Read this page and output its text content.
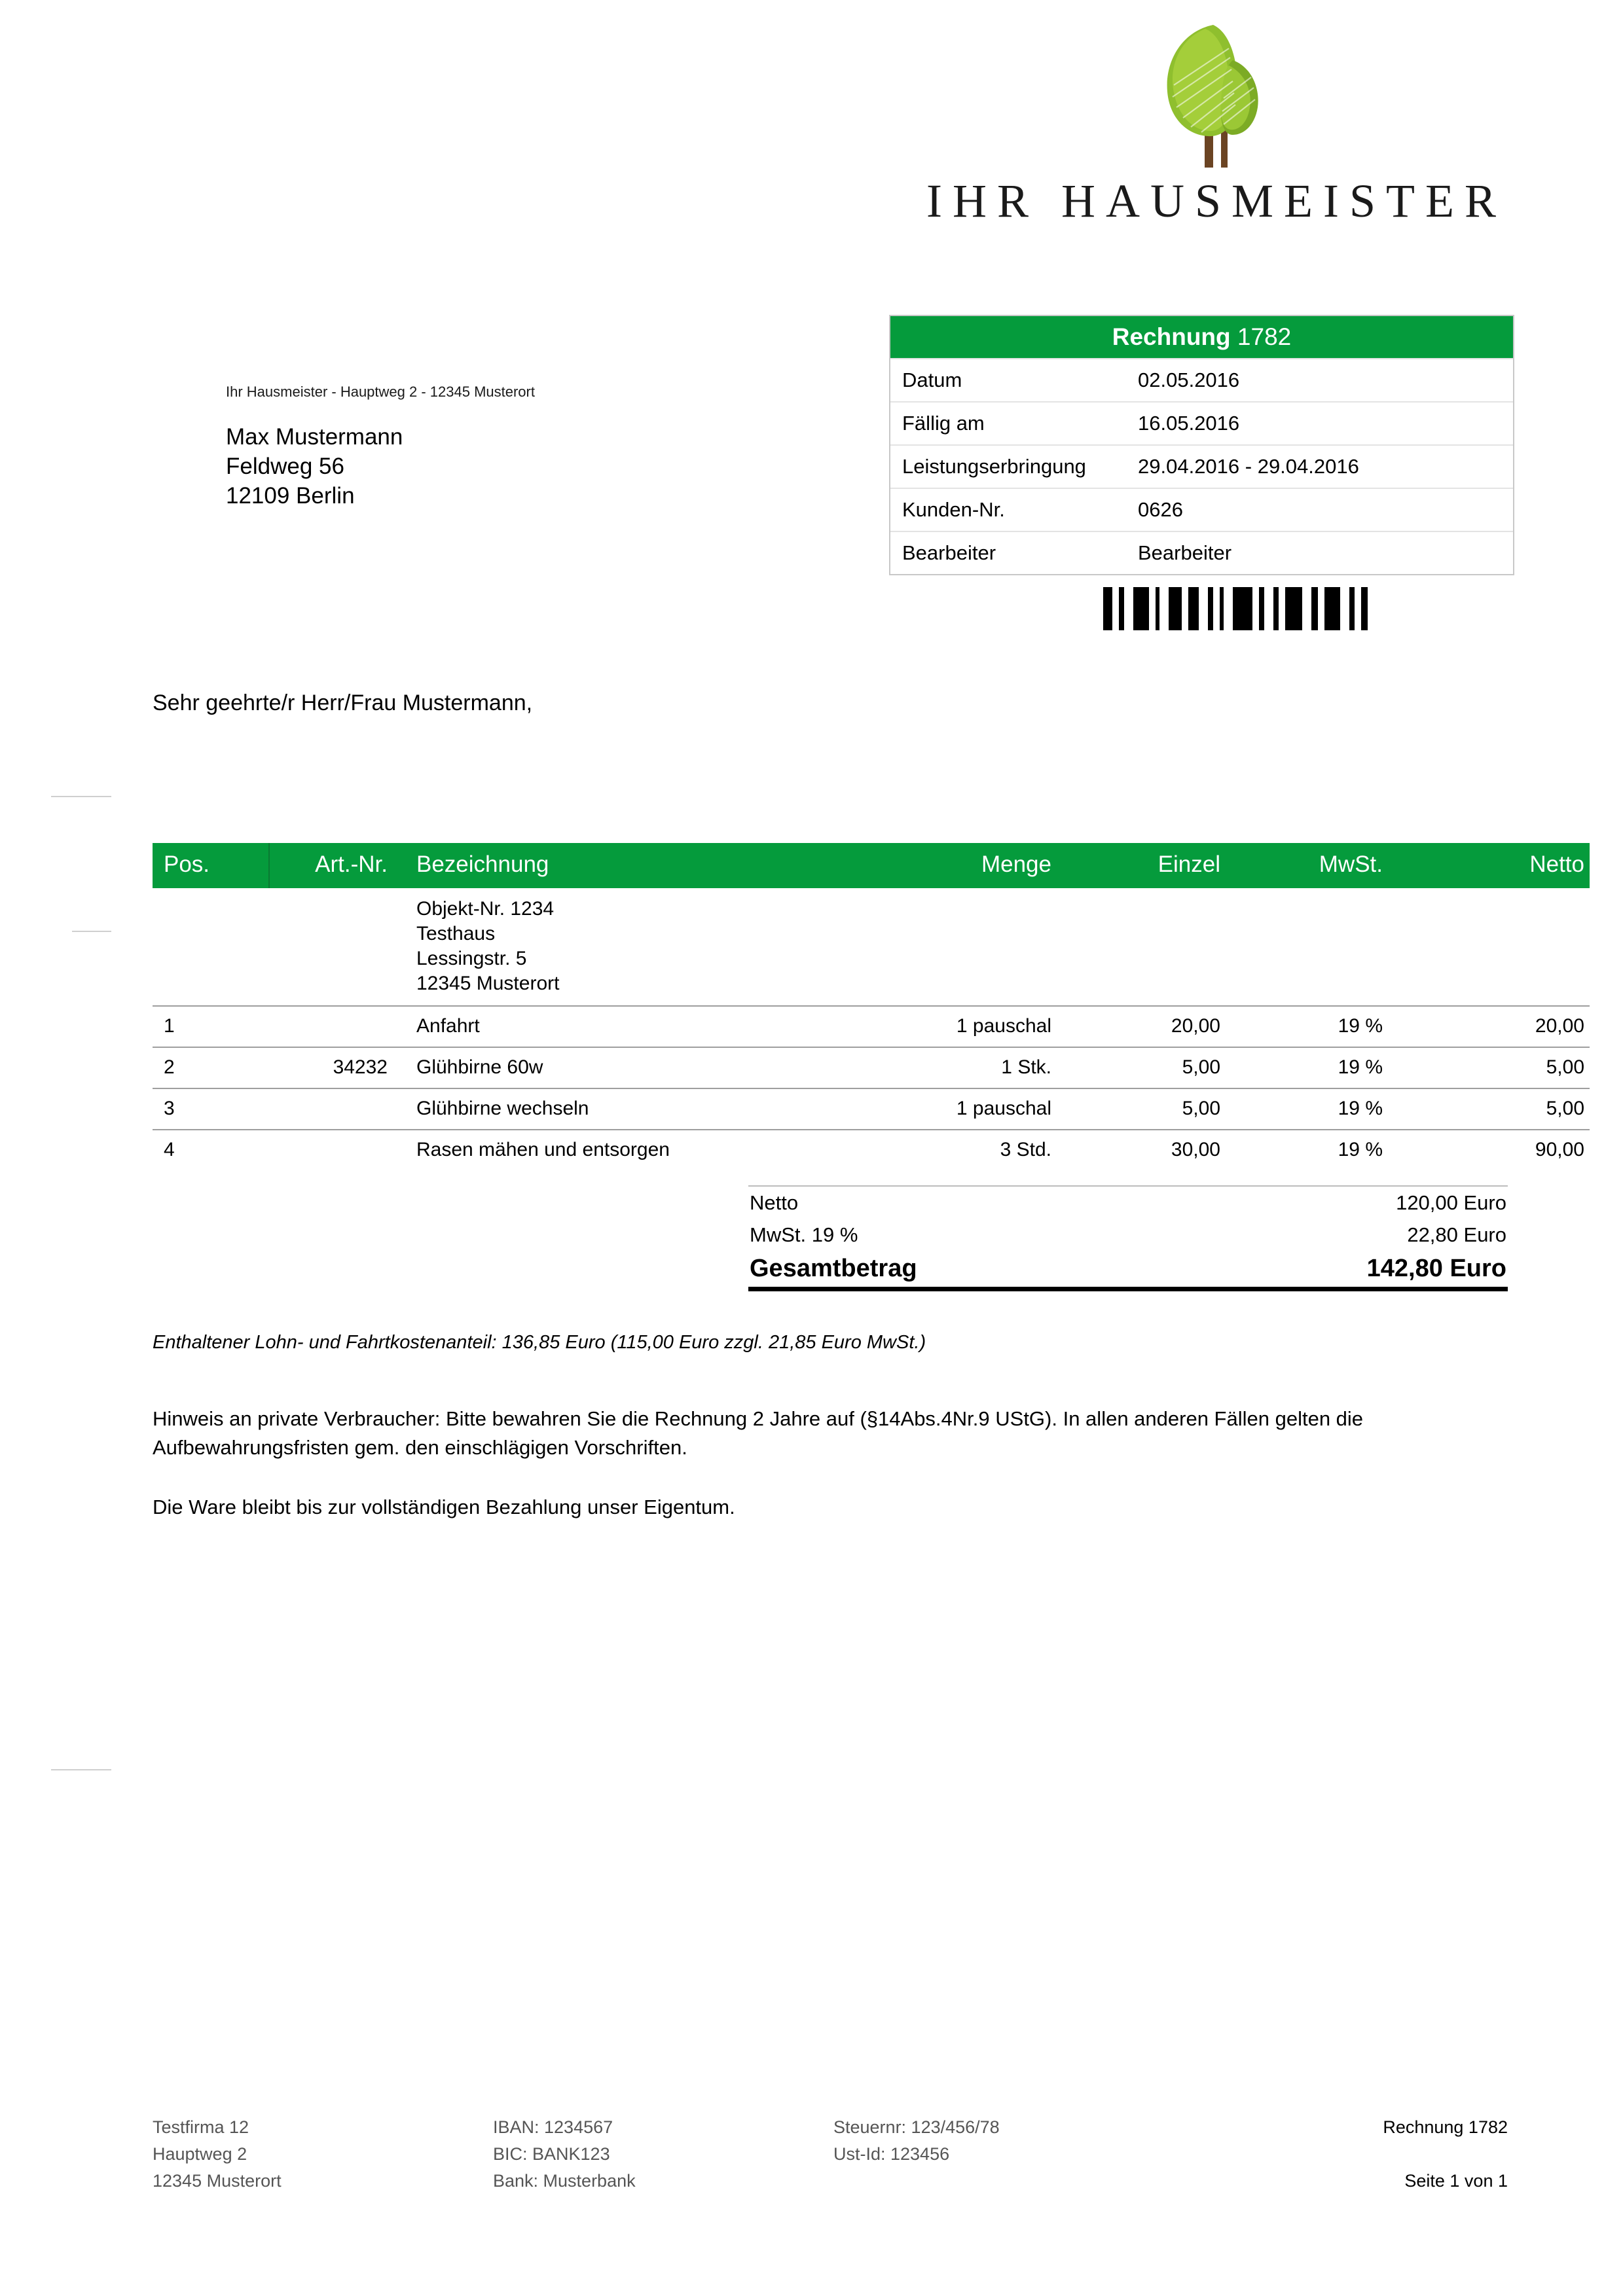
IHR HAUSMEISTER
Rechnung 1782
Datum	02.05.2016
Fällig am	16.05.2016
Leistungserbringung	29.04.2016 - 29.04.2016
Kunden-Nr.	0626
Bearbeiter	Bearbeiter
Ihr Hausmeister - Hauptweg 2 - 12345 Musterort
Max Mustermann
Feldweg 56
12109 Berlin
Sehr geehrte/r Herr/Frau Mustermann,
Pos.	Art.-Nr.	Bezeichnung	Menge	Einzel	MwSt.	Netto

		Objekt-Nr. 1234
Testhaus
Lessingstr. 5
12345 Musterort				

1		Anfahrt	1 pauschal	20,00	19 %	20,00
2	34232	Glühbirne 60w	1 Stk.	5,00	19 %	5,00
3		Glühbirne wechseln	1 pauschal	5,00	19 %	5,00
4		Rasen mähen und entsorgen	3 Std.	30,00	19 %	90,00
Netto	120,00 Euro
MwSt. 19 %	22,80 Euro
Gesamtbetrag	142,80 Euro
Enthaltener Lohn- und Fahrtkostenanteil: 136,85 Euro (115,00 Euro zzgl. 21,85 Euro MwSt.)
Hinweis an private Verbraucher: Bitte bewahren Sie die Rechnung 2 Jahre auf (§14Abs.4Nr.9 UStG). In allen anderen Fällen gelten die Aufbewahrungsfristen gem. den einschlägigen Vorschriften.
Die Ware bleibt bis zur vollständigen Bezahlung unser Eigentum.
Testfirma 12
Hauptweg 2
12345 Musterort
IBAN: 1234567
BIC: BANK123
Bank: Musterbank
Steuernr: 123/456/78
Ust-Id: 123456
Rechnung 1782
Seite 1 von 1
